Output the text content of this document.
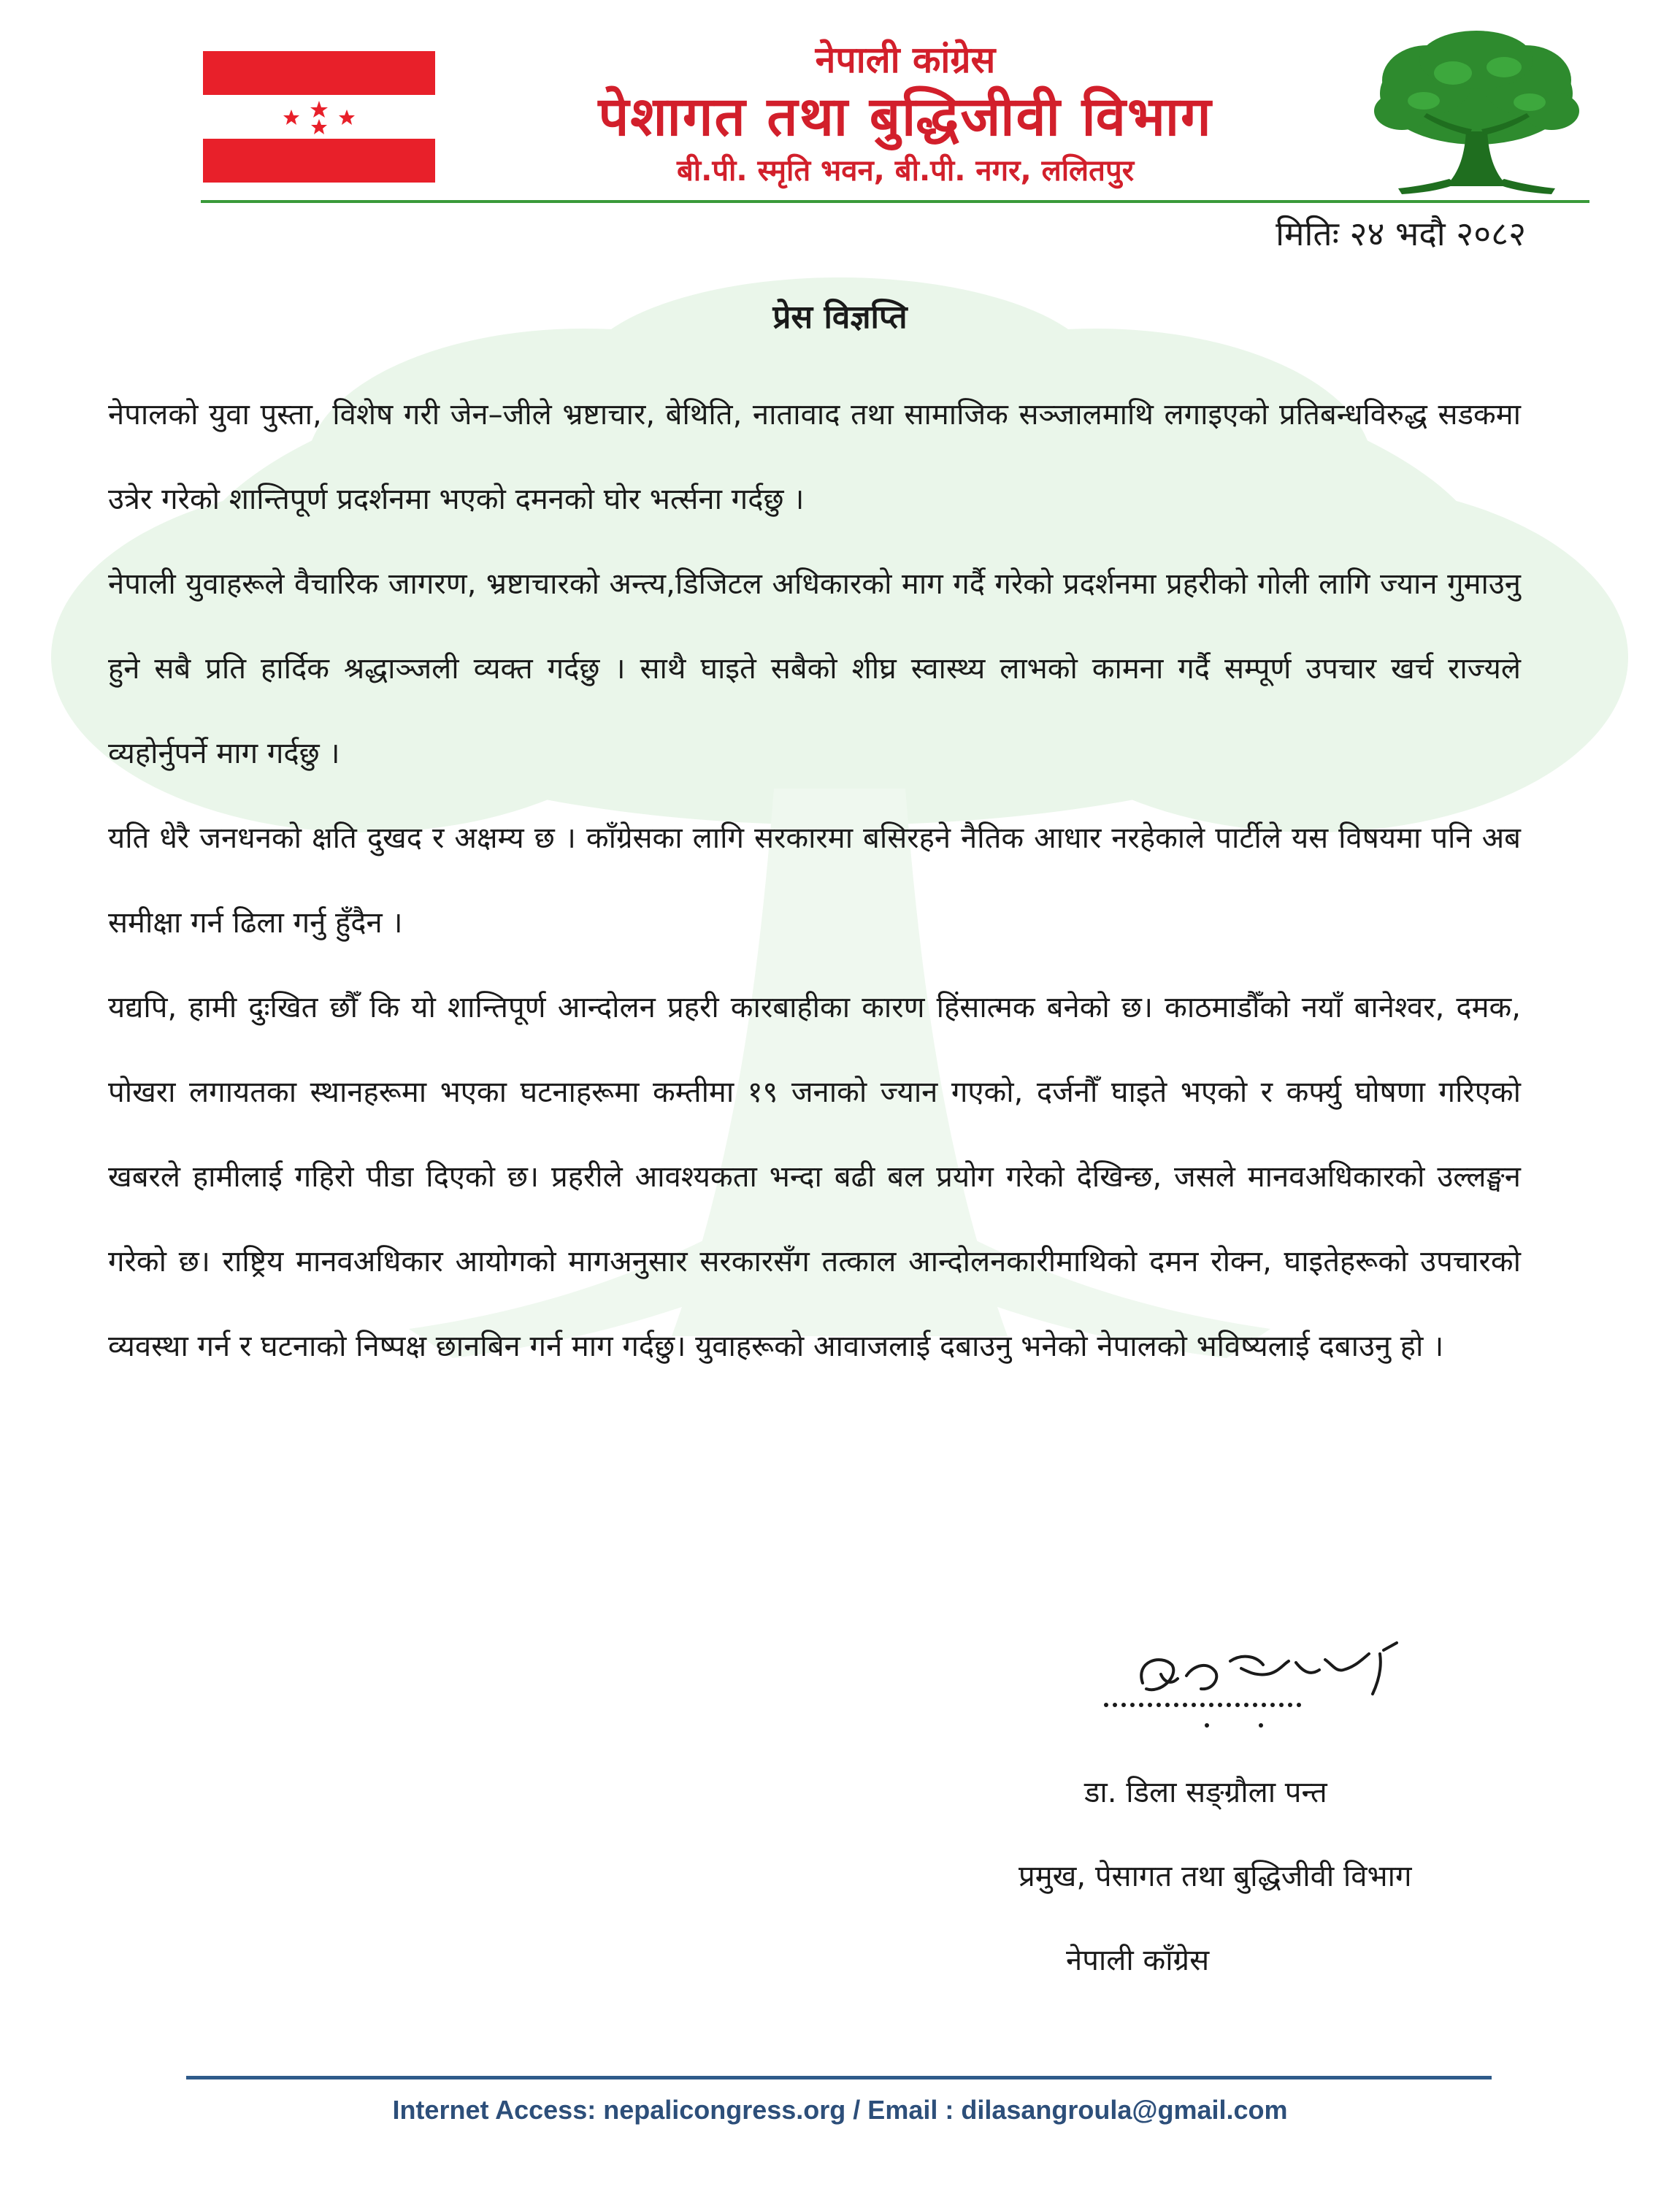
नेपाली कांग्रेस
पेशागत तथा बुद्धिजीवी विभाग
बी.पी. स्मृति भवन, बी.पी. नगर, ललितपुर
मितिः २४ भदौ २०८२
प्रेस विज्ञप्ति

नेपालको युवा पुस्ता, विशेष गरी जेन–जीले भ्रष्टाचार, बेथिति, नातावाद तथा सामाजिक सञ्जालमाथि लगाइएको प्रतिबन्धविरुद्ध सडकमा उत्रेर गरेको शान्तिपूर्ण प्रदर्शनमा भएको दमनको घोर भर्त्सना गर्दछु ।

नेपाली युवाहरूले वैचारिक जागरण, भ्रष्टाचारको अन्त्य,डिजिटल अधिकारको माग गर्दै गरेको प्रदर्शनमा प्रहरीको गोली लागि ज्यान गुमाउनु हुने सबै प्रति हार्दिक श्रद्धाञ्जली व्यक्त गर्दछु । साथै घाइते सबैको शीघ्र स्वास्थ्य लाभको कामना गर्दै सम्पूर्ण उपचार खर्च राज्यले व्यहोर्नुपर्ने माग गर्दछु ।

यति धेरै जनधनको क्षति दुखद र अक्षम्य छ । काँग्रेसका लागि सरकारमा बसिरहने नैतिक आधार नरहेकाले पार्टीले यस विषयमा पनि अब समीक्षा गर्न ढिला गर्नु हुँदैन ।

यद्यपि, हामी दुःखित छौँ कि यो शान्तिपूर्ण आन्दोलन प्रहरी कारबाहीका कारण हिंसात्मक बनेको छ। काठमाडौँको नयाँ बानेश्वर, दमक, पोखरा लगायतका स्थानहरूमा भएका घटनाहरूमा कम्तीमा १९ जनाको ज्यान गएको, दर्जनौँ घाइते भएको र कर्फ्यु घोषणा गरिएको खबरले हामीलाई गहिरो पीडा दिएको छ। प्रहरीले आवश्यकता भन्दा बढी बल प्रयोग गरेको देखिन्छ, जसले मानवअधिकारको उल्लङ्घन गरेको छ। राष्ट्रिय मानवअधिकार आयोगको मागअनुसार सरकारसँग तत्काल आन्दोलनकारीमाथिको दमन रोक्न, घाइतेहरूको उपचारको व्यवस्था गर्न र घटनाको निष्पक्ष छानबिन गर्न माग गर्दछु। युवाहरूको आवाजलाई दबाउनु भनेको नेपालको भविष्यलाई दबाउनु हो ।

डा. डिला सङ्ग्रौला पन्त
प्रमुख, पेसागत तथा बुद्धिजीवी विभाग
नेपाली काँग्रेस
Internet Access: nepalicongress.org / Email : dilasangroula@gmail.com
